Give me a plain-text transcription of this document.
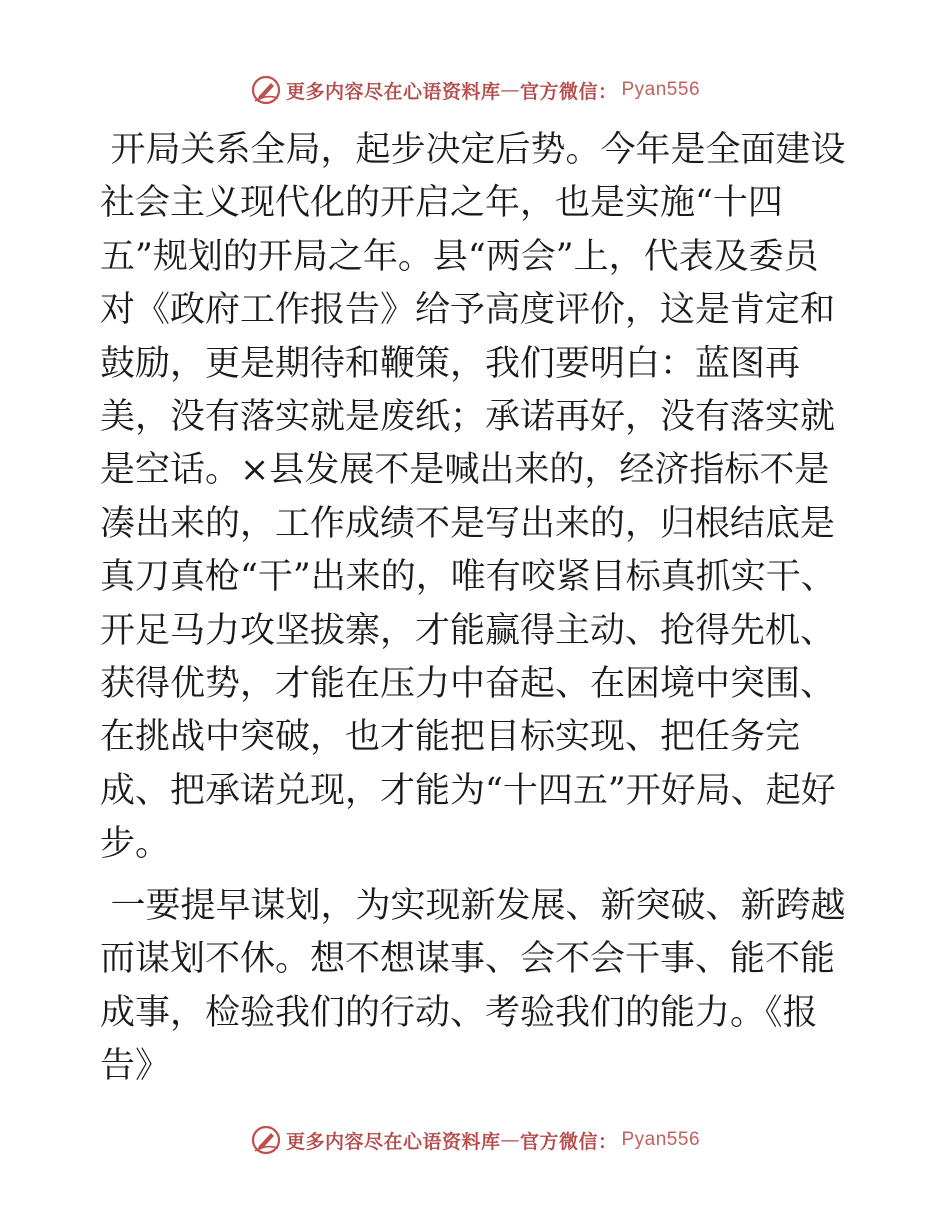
更多内容尽在心语资料库 — 官方微信： Pyan556

开局关系全局，起步决定后势。今年是全面建设社会主义现代化的开启之年，也是实施“十四五”规划的开局之年。县“两会”上，代表及委员对《政府工作报告》给予高度评价，这是肯定和鼓励，更是期待和鞭策，我们要明白：蓝图再美，没有落实就是废纸；承诺再好，没有落实就是空话。×县发展不是喊出来的，经济指标不是凑出来的，工作成绩不是写出来的，归根结底是真刀真枪“干”出来的，唯有咬紧目标真抓实干、开足马力攻坚拔寨，才能赢得主动、抢得先机、获得优势，才能在压力中奋起、在困境中突围、在挑战中突破，也才能把目标实现、把任务完成、把承诺兑现，才能为“十四五”开好局、起好步。

一要提早谋划，为实现新发展、新突破、新跨越而谋划不休。想不想谋事、会不会干事、能不能成事，检验我们的行动、考验我们的能力。《报告》

更多内容尽在心语资料库 — 官方微信： Pyan556
